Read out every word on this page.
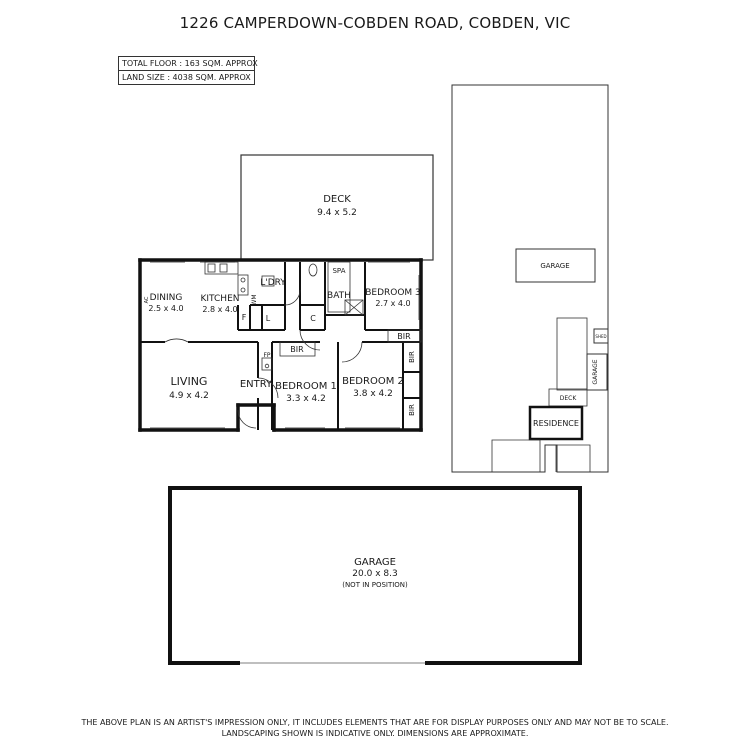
1226 CAMPERDOWN-COBDEN ROAD, COBDEN, VIC
TOTAL FLOOR : 163 SQM. APPROX
LAND SIZE : 4038 SQM. APPROX
DECK
9.4 x 5.2
DINING
2.5 x 4.0
KITCHEN
2.8 x 4.0
L'DRY
BATH
SPA
BEDROOM 3
2.7 x 4.0
LIVING
4.9 x 4.2
ENTRY BEDROOM 1
3.3 x 4.2
BEDROOM 2
3.8 x 4.2
AC	WM
F L	C
FP
BIR
BIR
BIR
BIR
GARAGE
SHED
GARAGE
DECK
RESIDENCE
GARAGE
20.0 x 8.3
(NOT IN POSITION)
THE ABOVE PLAN IS AN ARTIST'S IMPRESSION ONLY, IT INCLUDES ELEMENTS THAT ARE FOR DISPLAY PURPOSES ONLY AND MAY NOT BE TO SCALE.
LANDSCAPING SHOWN IS INDICATIVE ONLY. DIMENSIONS ARE APPROXIMATE.
